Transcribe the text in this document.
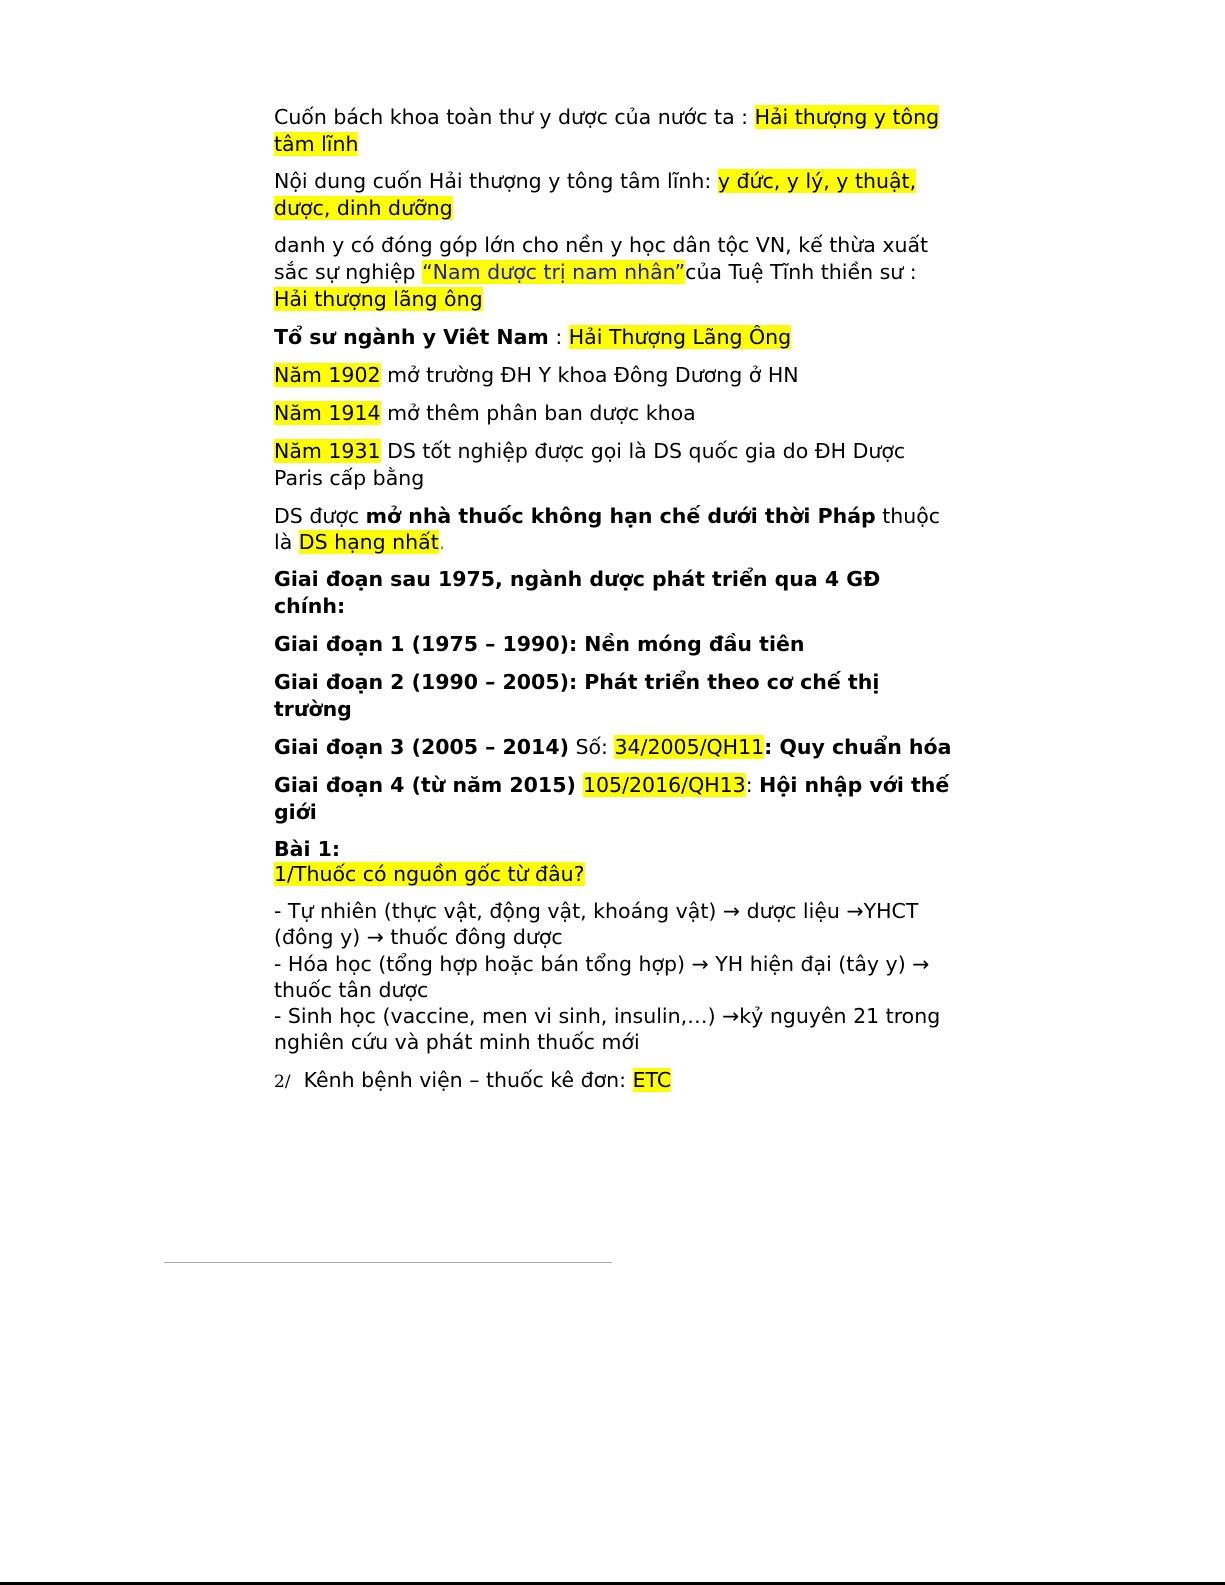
Cuốn bách khoa toàn thư y dược của nước ta : Hải thượng y tông tâm lĩnh

Nội dung cuốn Hải thượng y tông tâm lĩnh: y đức, y lý, y thuật, dược, dinh dưỡng

danh y có đóng góp lớn cho nền y học dân tộc VN, kế thừa xuất sắc sự nghiệp “Nam dược trị nam nhân”của Tuệ Tĩnh thiền sư : Hải thượng lãng ông

Tổ sư ngành y Viêt Nam : Hải Thượng Lãng Ông

Năm 1902 mở trường ĐH Y khoa Đông Dương ở HN

Năm 1914 mở thêm phân ban dược khoa

Năm 1931 DS tốt nghiệp được gọi là DS quốc gia do ĐH Dược Paris cấp bằng

DS được mở nhà thuốc không hạn chế dưới thời Pháp thuộc là DS hạng nhất.

Giai đoạn sau 1975, ngành dược phát triển qua 4 GĐ chính:

Giai đoạn 1 (1975 – 1990): Nền móng đầu tiên

Giai đoạn 2 (1990 – 2005): Phát triển theo cơ chế thị trường

Giai đoạn 3 (2005 – 2014) Số: 34/2005/QH11: Quy chuẩn hóa

Giai đoạn 4 (từ năm 2015) 105/2016/QH13: Hội nhập với thế giới

Bài 1:
1/Thuốc có nguồn gốc từ đâu?

- Tự nhiên (thực vật, động vật, khoáng vật) → dược liệu →YHCT (đông y) → thuốc đông dược
- Hóa học (tổng hợp hoặc bán tổng hợp) → YH hiện đại (tây y) → thuốc tân dược
- Sinh học (vaccine, men vi sinh, insulin,…) →kỷ nguyên 21 trong nghiên cứu và phát minh thuốc mới

2/  Kênh bệnh viện – thuốc kê đơn: ETC
